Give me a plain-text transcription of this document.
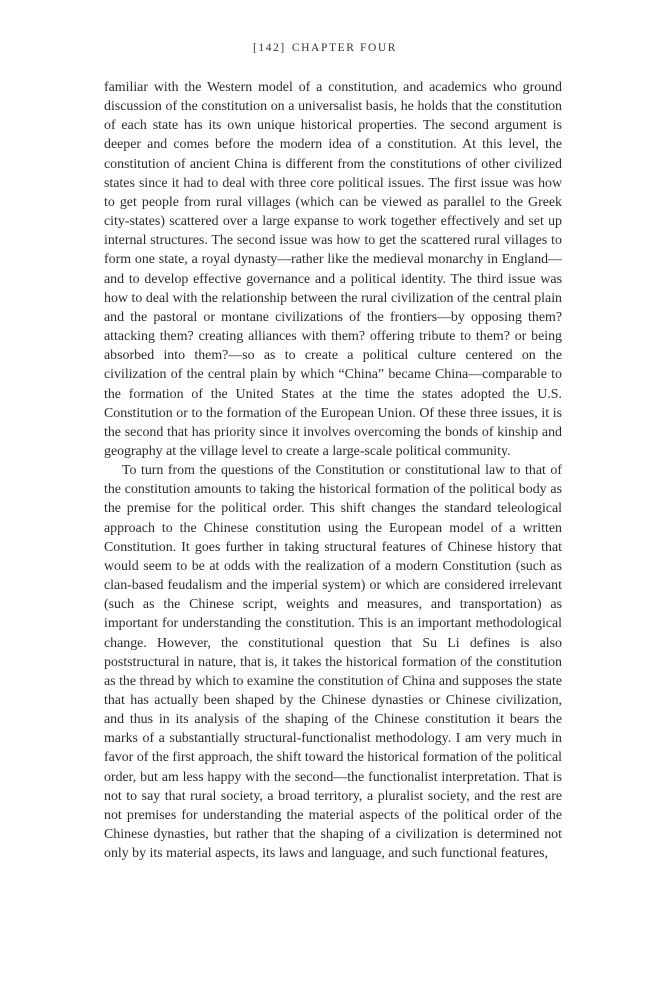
[142] CHAPTER FOUR

familiar with the Western model of a constitution, and academics who ground discussion of the constitution on a universalist basis, he holds that the constitution of each state has its own unique historical properties. The second argument is deeper and comes before the modern idea of a constitution. At this level, the constitution of ancient China is different from the constitutions of other civilized states since it had to deal with three core political issues. The first issue was how to get people from rural villages (which can be viewed as parallel to the Greek city-states) scattered over a large expanse to work together effectively and set up internal structures. The second issue was how to get the scattered rural villages to form one state, a royal dynasty—rather like the medieval monarchy in England—and to develop effective governance and a political identity. The third issue was how to deal with the relationship between the rural civilization of the central plain and the pastoral or montane civilizations of the frontiers—by opposing them? attacking them? creating alliances with them? offering tribute to them? or being absorbed into them?—so as to create a political culture centered on the civilization of the central plain by which “China” became China—comparable to the formation of the United States at the time the states adopted the U.S. Constitution or to the formation of the European Union. Of these three issues, it is the second that has priority since it involves overcoming the bonds of kinship and geography at the village level to create a large-scale political community.

To turn from the questions of the Constitution or constitutional law to that of the constitution amounts to taking the historical formation of the political body as the premise for the political order. This shift changes the standard teleological approach to the Chinese constitution using the European model of a written Constitution. It goes further in taking structural features of Chinese history that would seem to be at odds with the realization of a modern Constitution (such as clan-based feudalism and the imperial system) or which are considered irrelevant (such as the Chinese script, weights and measures, and transportation) as important for understanding the constitution. This is an important methodological change. However, the constitutional question that Su Li defines is also poststructural in nature, that is, it takes the historical formation of the constitution as the thread by which to examine the constitution of China and supposes the state that has actually been shaped by the Chinese dynasties or Chinese civilization, and thus in its analysis of the shaping of the Chinese constitution it bears the marks of a substantially structural-functionalist methodology. I am very much in favor of the first approach, the shift toward the historical formation of the political order, but am less happy with the second—the functionalist interpretation. That is not to say that rural society, a broad territory, a pluralist society, and the rest are not premises for understanding the material aspects of the political order of the Chinese dynasties, but rather that the shaping of a civilization is determined not only by its material aspects, its laws and language, and such functional features,
